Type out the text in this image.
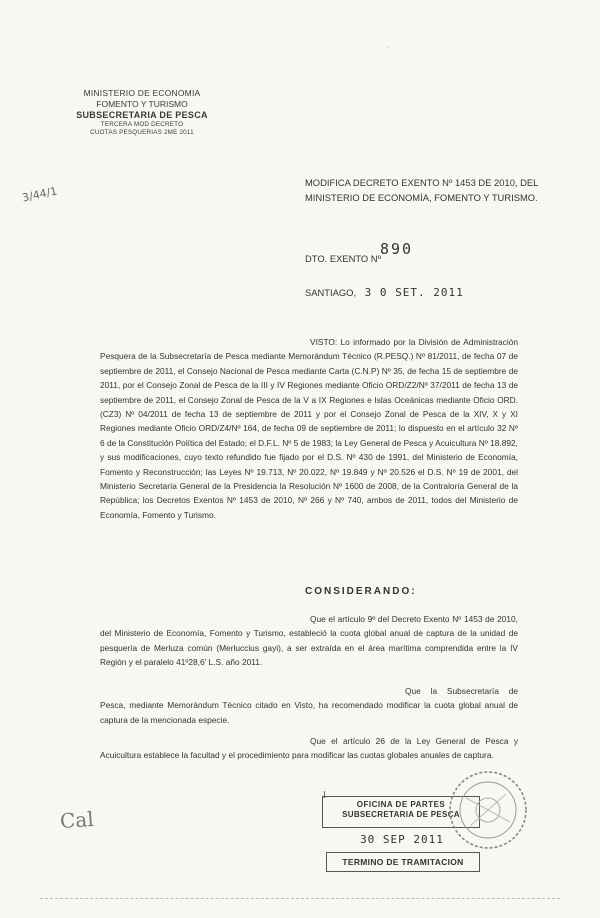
·
MINISTERIO DE ECONOMIA
FOMENTO Y TURISMO
SUBSECRETARIA DE PESCA
TERCERA MOD DECRETO
CUOTAS PESQUERIAS 2ME 2011
3/44/1
MODIFICA DECRETO EXENTO Nº 1453 DE 2010, DEL MINISTERIO DE ECONOMÍA, FOMENTO Y TURISMO.
DTO. EXENTO Nº
890
SANTIAGO, 3 0 SET. 2011
VISTO: Lo informado por la División de Administración Pesquera de la Subsecretaría de Pesca mediante Memorándum Técnico (R.PESQ.) Nº 81/2011, de fecha 07 de septiembre de 2011, el Consejo Nacional de Pesca mediante Carta (C.N.P) Nº 35, de fecha 15 de septiembre de 2011, por el Consejo Zonal de Pesca de la III y IV Regiones mediante Oficio ORD/Z2/Nº 37/2011 de fecha 13 de septiembre de 2011, el Consejo Zonal de Pesca de la V a IX Regiones e Islas Oceánicas mediante Oficio ORD. (CZ3) Nº 04/2011 de fecha 13 de septiembre de 2011 y por el Consejo Zonal de Pesca de la XIV, X y XI Regiones mediante Oficio ORD/Z4/Nº 164, de fecha 09 de septiembre de 2011; lo dispuesto en el artículo 32 Nº 6 de la Constitución Política del Estado; el D.F.L. Nº 5 de 1983; la Ley General de Pesca y Acuicultura Nº 18.892, y sus modificaciones, cuyo texto refundido fue fijado por el D.S. Nº 430 de 1991, del Ministerio de Economía, Fomento y Reconstrucción; las Leyes Nº 19.713, Nº 20.022, Nº 19.849 y Nº 20.526 el D.S. Nº 19 de 2001, del Ministerio Secretaría General de la Presidencia la Resolución Nº 1600 de 2008, de la Contraloría General de la República; los Decretos Exentos Nº 1453 de 2010, Nº 266 y Nº 740, ambos de 2011, todos del Ministerio de Economía, Fomento y Turismo.
CONSIDERANDO:
Que el artículo 9º del Decreto Exento Nº 1453 de 2010, del Ministerio de Economía, Fomento y Turismo, estableció la cuota global anual de captura de la unidad de pesquería de Merluza común (Merluccius gayi), a ser extraída en el área marítima comprendida entre la IV Región y el paralelo 41º28,6' L.S. año 2011.
Que la Subsecretaría de Pesca, mediante Memorándum Técnico citado en Visto, ha recomendado modificar la cuota global anual de captura de la mencionada especie.
Que el artículo 26 de la Ley General de Pesca y Acuicultura establece la facultad y el procedimiento para modificar las cuotas globales anuales de captura.
Cal
I
OFICINA DE PARTES
SUBSECRETARIA DE PESCA
30 SEP 2011
TERMINO DE TRAMITACION
